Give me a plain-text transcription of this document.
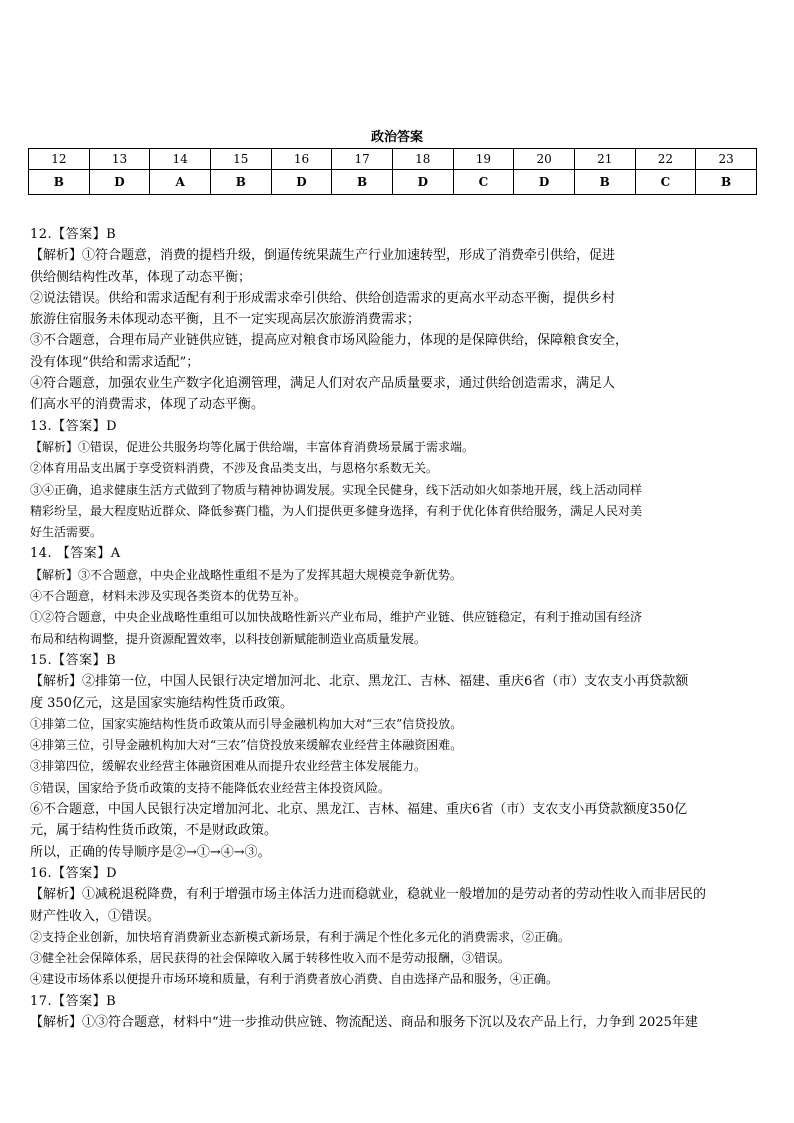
政治答案
12	13	14	15	16	17	18	19	20	21	22	23
B	D	A	B	D	B	D	C	D	B	C	B

12.【答案】B

【解析】①符合题意，消费的提档升级，倒逼传统果蔬生产行业加速转型，形成了消费牵引供给，促进

供给侧结构性改革，体现了动态平衡；

②说法错误。供给和需求适配有利于形成需求牵引供给、供给创造需求的更高水平动态平衡，提供乡村

旅游住宿服务未体现动态平衡，且不一定实现高层次旅游消费需求；

③不合题意，合理布局产业链供应链，提高应对粮食市场风险能力，体现的是保障供给，保障粮食安全，

没有体现“供给和需求适配”；

④符合题意，加强农业生产数字化追溯管理，满足人们对农产品质量要求，通过供给创造需求，满足人

们高水平的消费需求，体现了动态平衡。

13.【答案】D

【解析】①错误，促进公共服务均等化属于供给端，丰富体育消费场景属于需求端。

②体育用品支出属于享受资料消费，不涉及食品类支出，与恩格尔系数无关。

③④正确，追求健康生活方式做到了物质与精神协调发展。实现全民健身，线下活动如火如荼地开展，线上活动同样

精彩纷呈，最大程度贴近群众、降低参赛门槛，为人们提供更多健身选择，有利于优化体育供给服务，满足人民对美

好生活需要。

14. 【答案】A

【解析】③不合题意，中央企业战略性重组不是为了发挥其超大规模竞争新优势。

④不合题意，材料未涉及实现各类资本的优势互补。

①②符合题意，中央企业战略性重组可以加快战略性新兴产业布局，维护产业链、供应链稳定，有利于推动国有经济

布局和结构调整，提升资源配置效率，以科技创新赋能制造业高质量发展。

15.【答案】B

【解析】②排第一位，中国人民银行决定增加河北、北京、黑龙江、吉林、福建、重庆6省（市）支农支小再贷款额

度 350亿元，这是国家实施结构性货币政策。

①排第二位，国家实施结构性货币政策从而引导金融机构加大对“三农”信贷投放。

④排第三位，引导金融机构加大对“三农”信贷投放来缓解农业经营主体融资困难。

③排第四位，缓解农业经营主体融资困难从而提升农业经营主体发展能力。

⑤错误，国家给予货币政策的支持不能降低农业经营主体投资风险。

⑥不合题意，中国人民银行决定增加河北、北京、黑龙江、吉林、福建、重庆6省（市）支农支小再贷款额度350亿

元，属于结构性货币政策，不是财政政策。

所以，正确的传导顺序是②→①→④→③。

16.【答案】D

【解析】①减税退税降费，有利于增强市场主体活力进而稳就业，稳就业一般增加的是劳动者的劳动性收入而非居民的

财产性收入，①错误。

②支持企业创新，加快培育消费新业态新模式新场景，有利于满足个性化多元化的消费需求，②正确。

③健全社会保障体系，居民获得的社会保障收入属于转移性收入而不是劳动报酬，③错误。

④建设市场体系以便提升市场环境和质量，有利于消费者放心消费、自由选择产品和服务，④正确。

17.【答案】B

【解析】①③符合题意，材料中“进一步推动供应链、物流配送、商品和服务下沉以及农产品上行，力争到 2025年建
